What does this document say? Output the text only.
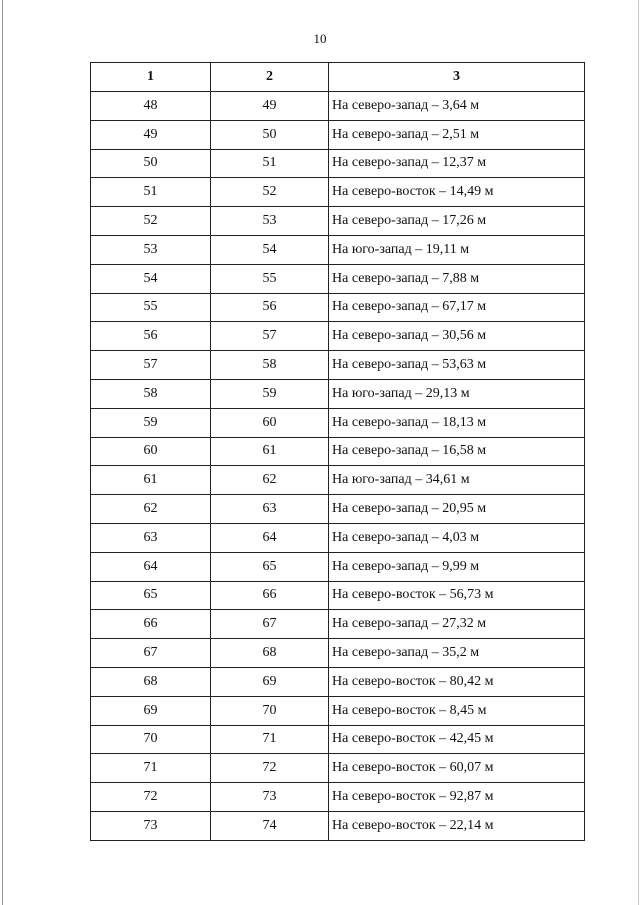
10
1	2	3
48	49	На северо-запад – 3,64 м
49	50	На северо-запад – 2,51 м
50	51	На северо-запад – 12,37 м
51	52	На северо-восток – 14,49 м
52	53	На северо-запад – 17,26 м
53	54	На юго-запад – 19,11 м
54	55	На северо-запад – 7,88 м
55	56	На северо-запад – 67,17 м
56	57	На северо-запад – 30,56 м
57	58	На северо-запад – 53,63 м
58	59	На юго-запад – 29,13 м
59	60	На северо-запад – 18,13 м
60	61	На северо-запад – 16,58 м
61	62	На юго-запад – 34,61 м
62	63	На северо-запад – 20,95 м
63	64	На северо-запад – 4,03 м
64	65	На северо-запад – 9,99 м
65	66	На северо-восток – 56,73 м
66	67	На северо-запад – 27,32 м
67	68	На северо-запад – 35,2 м
68	69	На северо-восток – 80,42 м
69	70	На северо-восток – 8,45 м
70	71	На северо-восток – 42,45 м
71	72	На северо-восток – 60,07 м
72	73	На северо-восток – 92,87 м
73	74	На северо-восток – 22,14 м
